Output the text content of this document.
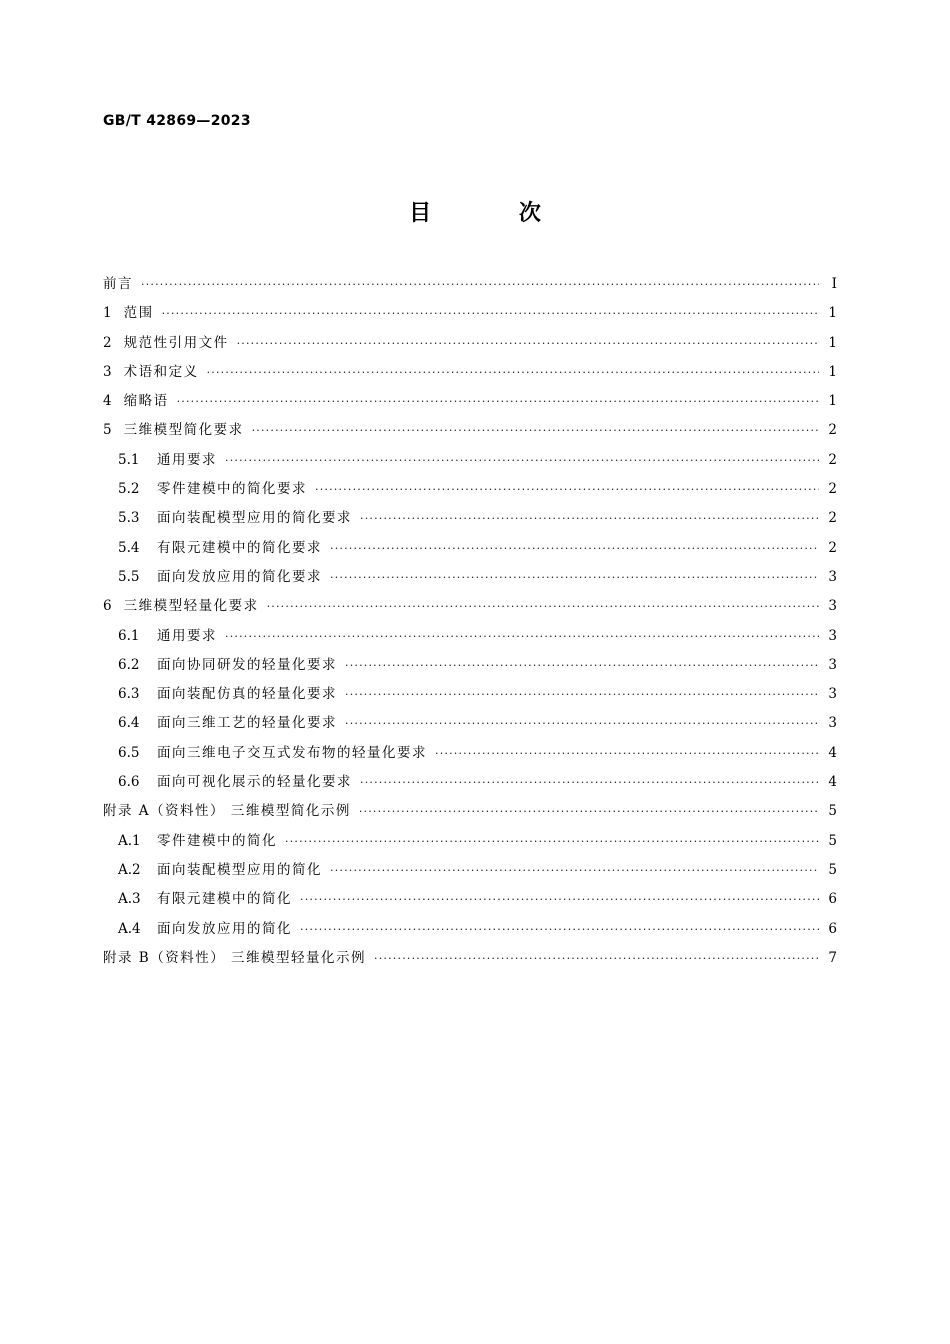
GB/T 42869—2023
目 次
前言 ·····	Ⅰ
1 范围 ·····	1
2 规范性引用文件 ·····	1
3 术语和定义 ·····	1
4 缩略语 ·····	1
5 三维模型简化要求 ·····	2
5.1	通用要求 ·····	2
5.2	零件建模中的简化要求 ·····	2
5.3	面向装配模型应用的简化要求 ·····	2
5.4	有限元建模中的简化要求 ·····	2
5.5	面向发放应用的简化要求 ·····	3
6 三维模型轻量化要求 ·····	3
6.1	通用要求 ·····	3
6.2	面向协同研发的轻量化要求 ·····	3
6.3	面向装配仿真的轻量化要求 ·····	3
6.4	面向三维工艺的轻量化要求 ·····	3
6.5	面向三维电子交互式发布物的轻量化要求 ·····	4
6.6	面向可视化展示的轻量化要求 ·····	4
附录 A（资料性） 三维模型简化示例 ·····	5
A.1	零件建模中的简化 ·····	5
A.2	面向装配模型应用的简化 ·····	5
A.3	有限元建模中的简化 ·····	6
A.4	面向发放应用的简化 ·····	6
附录 B（资料性） 三维模型轻量化示例 ·····	7
